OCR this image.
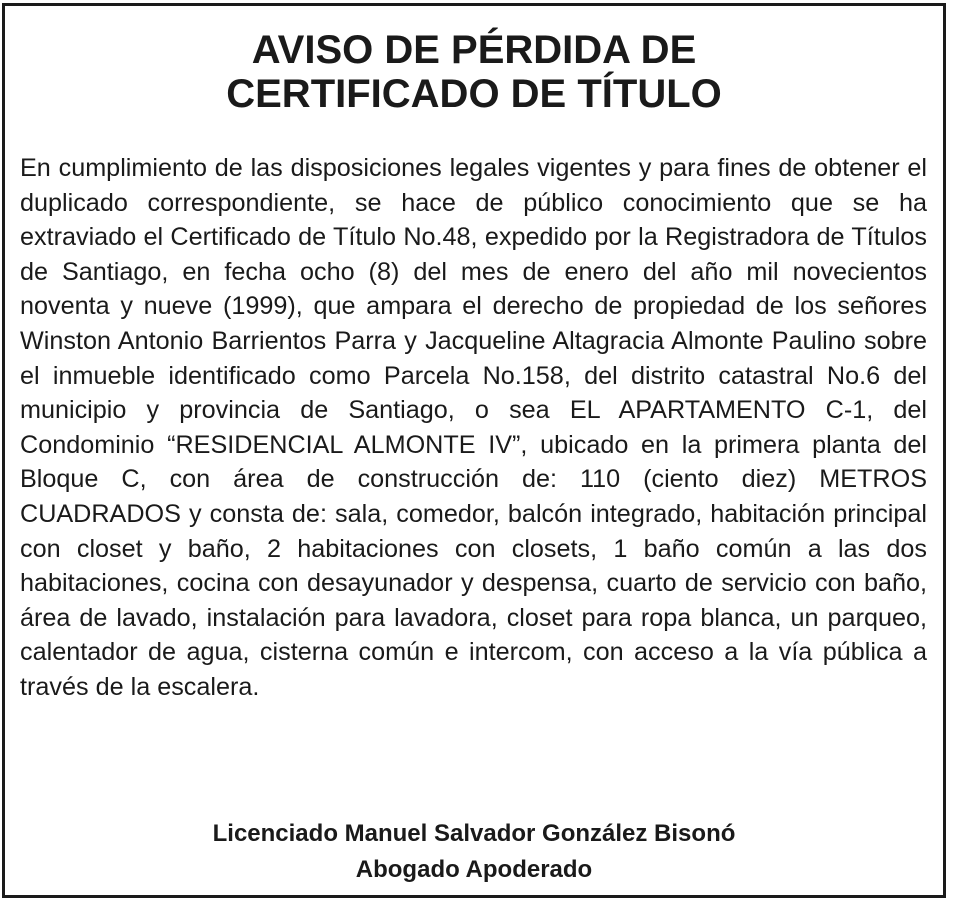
AVISO DE PÉRDIDA DE
CERTIFICADO DE TÍTULO

En cumplimiento de las disposiciones legales vigentes y para fines de obtener el duplicado correspondiente, se hace de público conocimiento que se ha extraviado el Certificado de Título No.48, expedido por la Registradora de Títulos de Santiago, en fecha ocho (8) del mes de enero del año mil novecientos noventa y nueve (1999), que ampara el derecho de propiedad de los señores Winston Antonio Barrientos Parra y Jacqueline Altagracia Almonte Paulino sobre el inmueble identificado como Parcela No.158, del distrito catastral No.6 del municipio y provincia de Santiago, o sea EL APARTAMENTO C-1, del Condominio “RESIDENCIAL ALMONTE IV”, ubicado en la primera planta del Bloque C, con área de construcción de: 110 (ciento diez) METROS CUADRADOS y consta de: sala, comedor, balcón integrado, habitación principal con closet y baño, 2 habitaciones con closets, 1 baño común a las dos habitaciones, cocina con desayunador y despensa, cuarto de servicio con baño, área de lavado, instalación para lavadora, closet para ropa blanca, un parqueo, calentador de agua, cisterna común e intercom, con acceso a la vía pública a través de la escalera.

Licenciado Manuel Salvador González Bisonó
Abogado Apoderado
